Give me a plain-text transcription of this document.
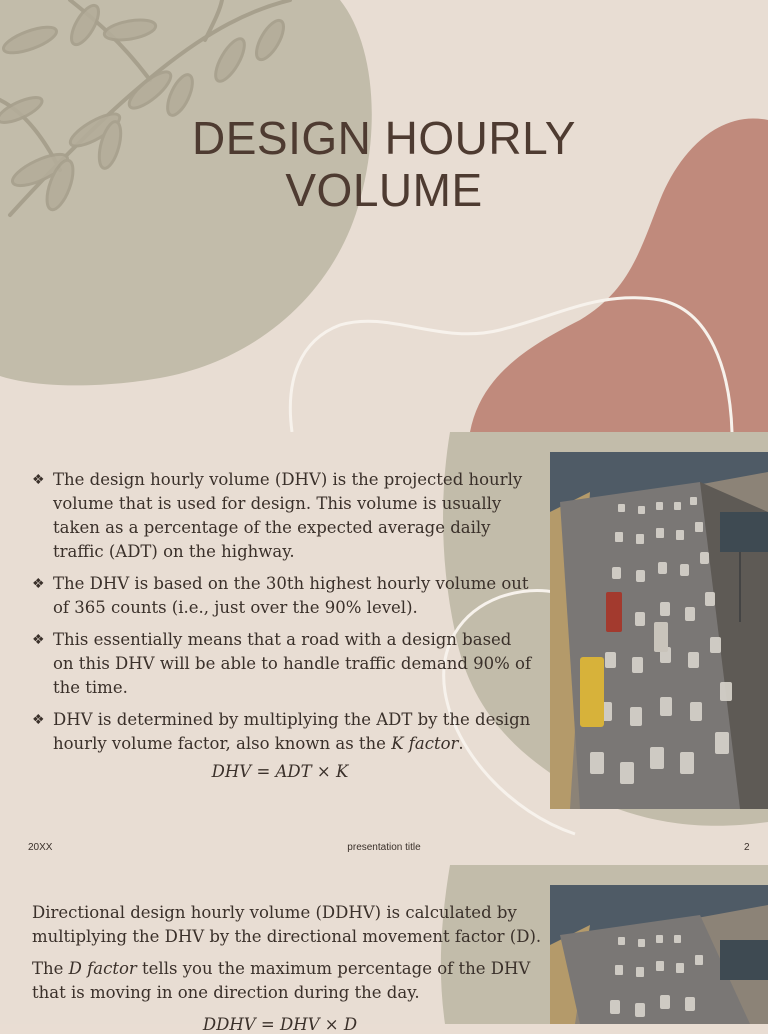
DESIGN HOURLY
VOLUME
❖ The design hourly volume (DHV) is the projected hourly volume that is used for design. This volume is usually taken as a percentage of the expected average daily traffic (ADT) on the highway.
❖ The DHV is based on the 30th highest hourly volume out of 365 counts (i.e., just over the 90% level).
❖ This essentially means that a road with a design based on this DHV will be able to handle traffic demand 90% of the time.
❖ DHV is determined by multiplying the ADT by the design hourly volume factor, also known as the K factor.
DHV = ADT × K
20XX	presentation title	2

Directional design hourly volume (DDHV) is calculated by multiplying the DHV by the directional movement factor (D).

The D factor tells you the maximum percentage of the DHV that is moving in one direction during the day.

DDHV = DHV × D
